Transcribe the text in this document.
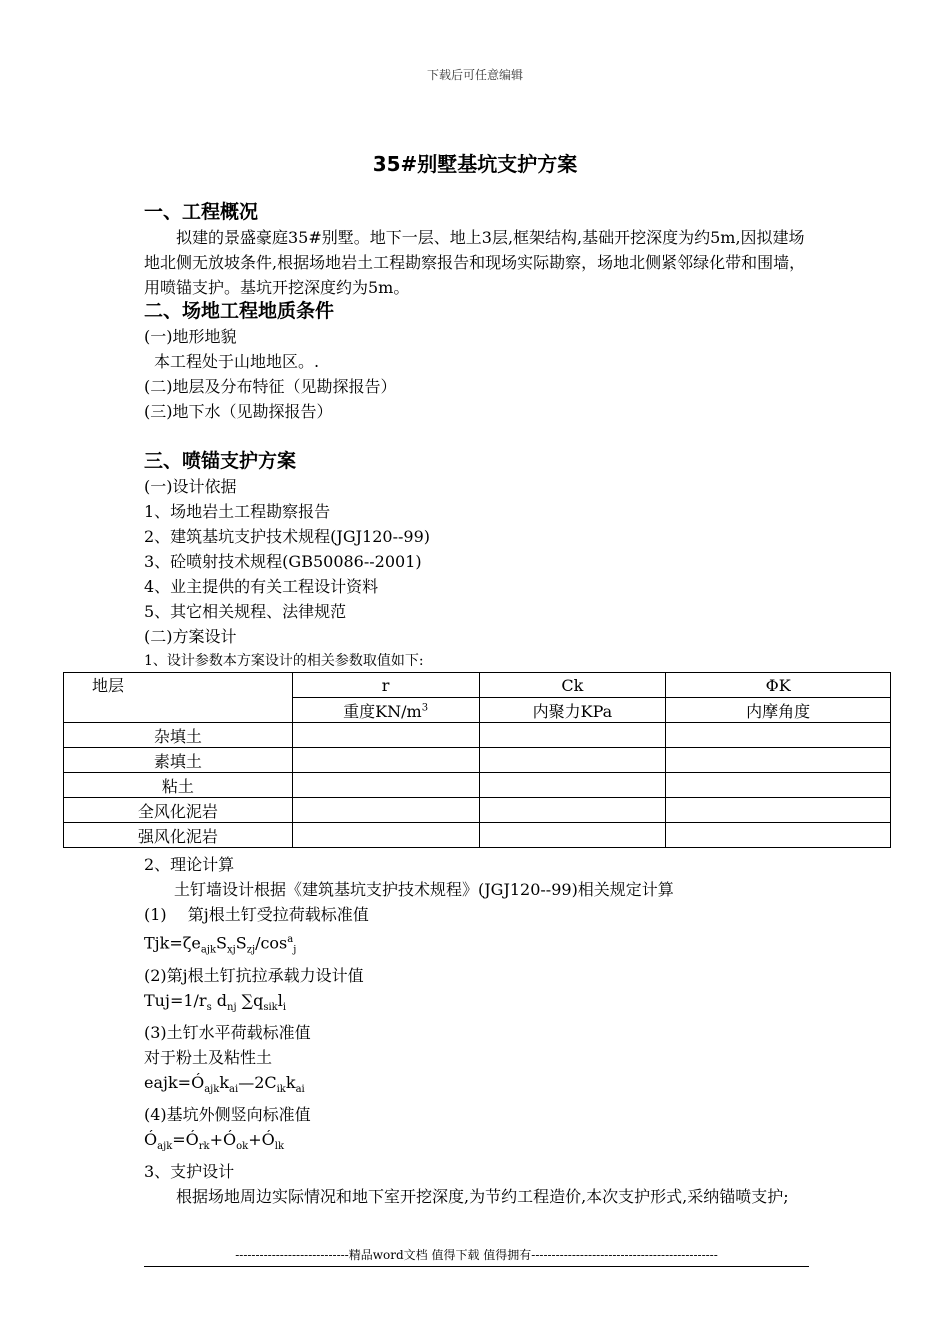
下载后可任意编辑
35#别墅基坑支护方案

一、工程概况

拟建的景盛豪庭35#别墅。地下一层、地上3层,框架结构,基础开挖深度为约5m,因拟建场地北侧无放坡条件,根据场地岩土工程勘察报告和现场实际勘察，场地北侧紧邻绿化带和围墙，用喷锚支护。基坑开挖深度约为5m。

二、场地工程地质条件

(一)地形地貌

本工程处于山地地区。.

(二)地层及分布特征（见勘探报告）

(三)地下水（见勘探报告）

三、喷锚支护方案

(一)设计依据

1、场地岩土工程勘察报告

2、建筑基坑支护技术规程(JGJ120--99)

3、砼喷射技术规程(GB50086--2001)

4、业主提供的有关工程设计资料

5、其它相关规程、法律规范

(二)方案设计

1、设计参数本方案设计的相关参数取值如下:

地层	r	Ck	ΦK
	重度$KN/m^3$	内聚力KPa	内摩角度
杂填土			
素填土			
粘土			
全风化泥岩			
强风化泥岩			

2、理论计算

土钉墙设计根据《建筑基坑支护技术规程》(JGJ120--99)相关规定计算

(1)　 第j根土钉受拉荷载标准值

$Tjk=\zeta e_{ajk}S_{xj}S_{zj}/\cos^a_j$

(2)第j根土钉抗拉承载力设计值

$Tuj=1/r_s$ $d_{nj}$ $\sum q_{sik}l_i$

(3)土钉水平荷载标准值

对于粉土及粘性土

$eajk=Ó_{ajk}k_{ai}—2C_{ik}k_{ai}$

(4)基坑外侧竖向标准值

$Ó_{ajk}=Ó_{rk}+Ó_{ok}+Ó_{lk}$

3、支护设计

根据场地周边实际情况和地下室开挖深度,为节约工程造价,本次支护形式,采纳锚喷支护;

----------------------------精品word文档 值得下载 值得拥有----------------------------------------------
